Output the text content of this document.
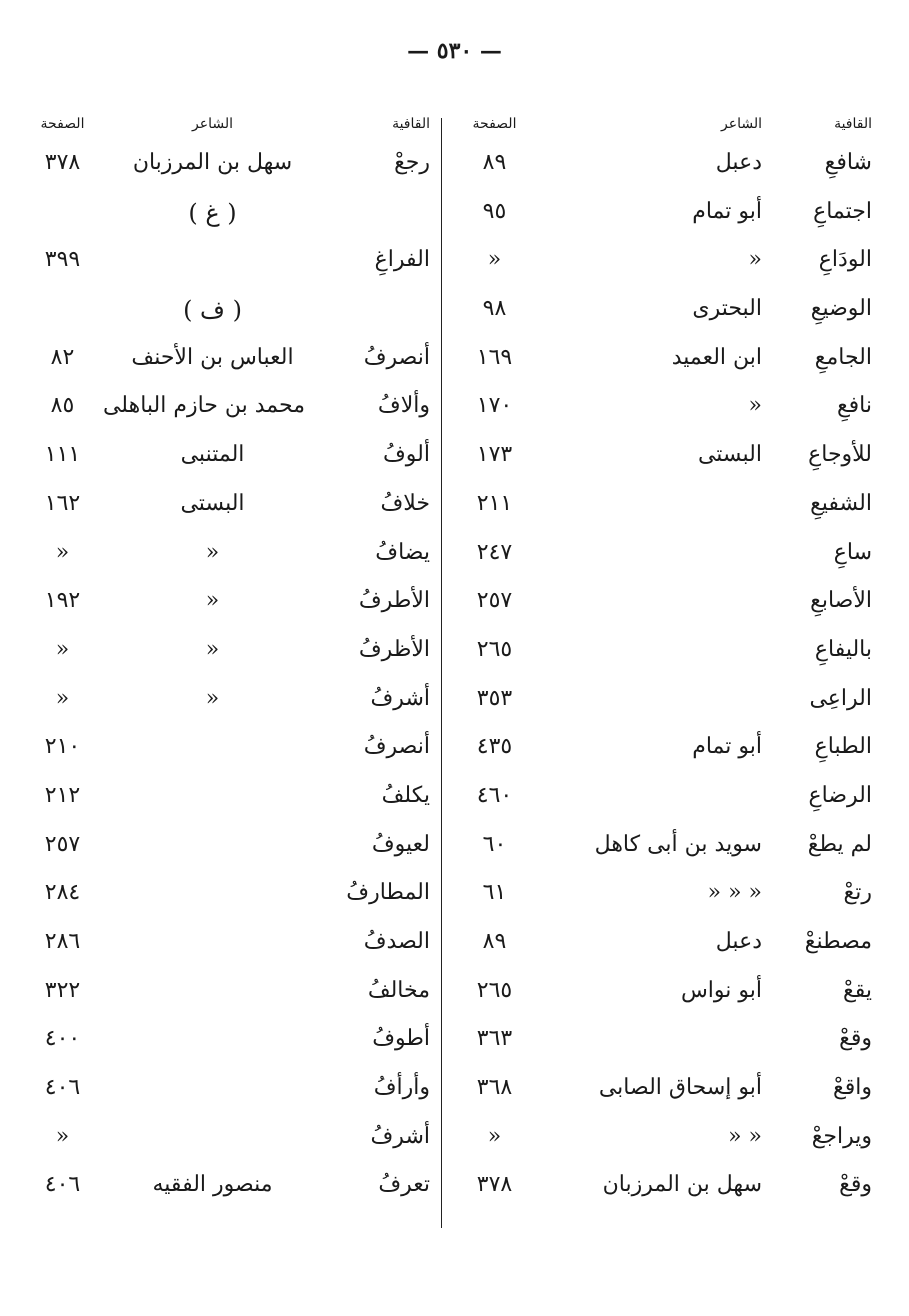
— ٥٣٠ —
القافية
الشاعر
الصفحة
شافعِ
دعبل
٨٩
اجتماعِ
أبو تمام
٩٥
الودَاعِ
«
«
الوضيعِ
البحترى
٩٨
الجامعِ
ابن العميد
١٦٩
نافعِ
«
١٧٠
للأوجاعِ
البستى
١٧٣
الشفيعِ
٢١١
ساعِ
٢٤٧
الأصابعِ
٢٥٧
باليفاعِ
٢٦٥
الراعِى
٣٥٣
الطباعِ
أبو تمام
٤٣٥
الرضاعِ
٤٦٠
لم يطعْ
سويد بن أبى كاهل
٦٠
رتعْ
« « «
٦١
مصطنعْ
دعبل
٨٩
يقعْ
أبو نواس
٢٦٥
وقعْ
٣٦٣
واقعْ
أبو إسحاق الصابى
٣٦٨
ويراجعْ
« «
«
وقعْ
سهل بن المرزبان
٣٧٨
القافية
الشاعر
الصفحة
رجعْ
سهل بن المرزبان
٣٧٨
( غ )
الفراغِ
٣٩٩
( ف )
أنصرفُ
العباس بن الأحنف
٨٢
وألافُ
محمد بن حازم الباهلى
٨٥
ألوفُ
المتنبى
١١١
خلافُ
البستى
١٦٢
يضافُ
«
«
الأطرفُ
«
١٩٢
الأظرفُ
«
«
أشرفُ
«
«
أنصرفُ
٢١٠
يكلفُ
٢١٢
لعيوفُ
٢٥٧
المطارفُ
٢٨٤
الصدفُ
٢٨٦
مخالفُ
٣٢٢
أطوفُ
٤٠٠
وأرأفُ
٤٠٦
أشرفُ
«
تعرفُ
منصور الفقيه
٤٠٦
